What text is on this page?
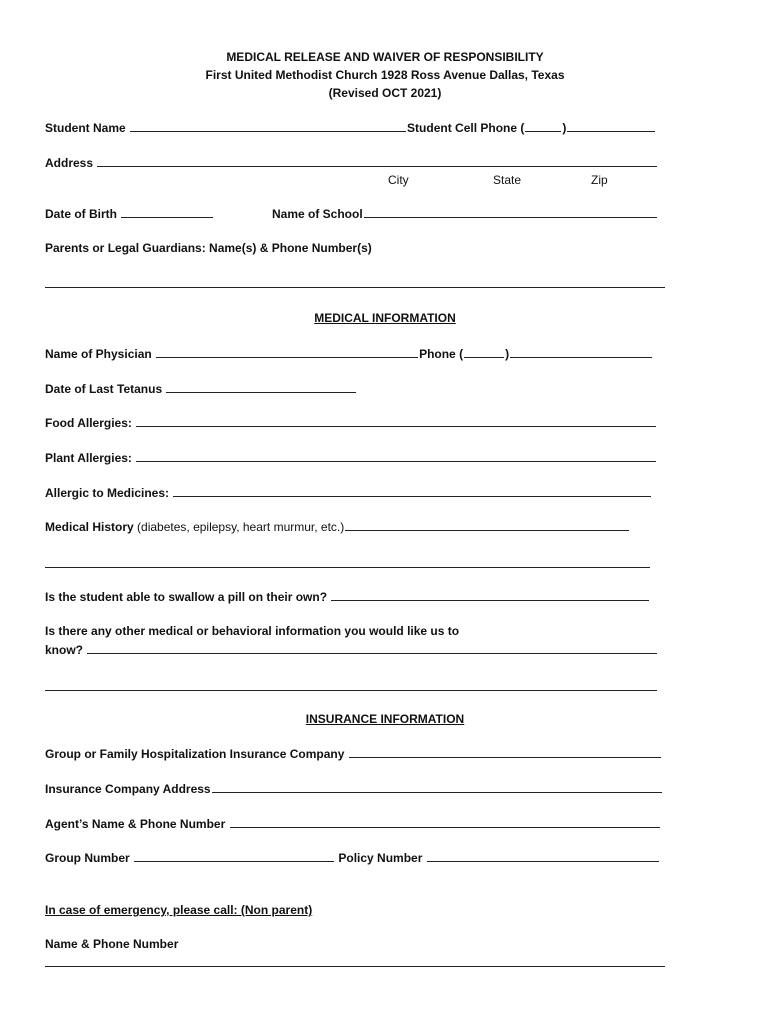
MEDICAL RELEASE AND WAIVER OF RESPONSIBILITY
First United Methodist Church 1928 Ross Avenue Dallas, Texas
(Revised OCT 2021)
Student Name	Student Cell Phone (	)
Address
City	State	Zip
Date of Birth	Name of School
Parents or Legal Guardians: Name(s) & Phone Number(s)
MEDICAL INFORMATION
Name of Physician	Phone (	)
Date of Last Tetanus
Food Allergies:
Plant Allergies:
Allergic to Medicines:
Medical History (diabetes, epilepsy, heart murmur, etc.)
Is the student able to swallow a pill on their own?
Is there any other medical or behavioral information you would like us to
know?
INSURANCE INFORMATION
Group or Family Hospitalization Insurance Company
Insurance Company Address
Agent’s Name & Phone Number
Group Number	Policy Number
In case of emergency, please call: (Non parent)
Name & Phone Number
